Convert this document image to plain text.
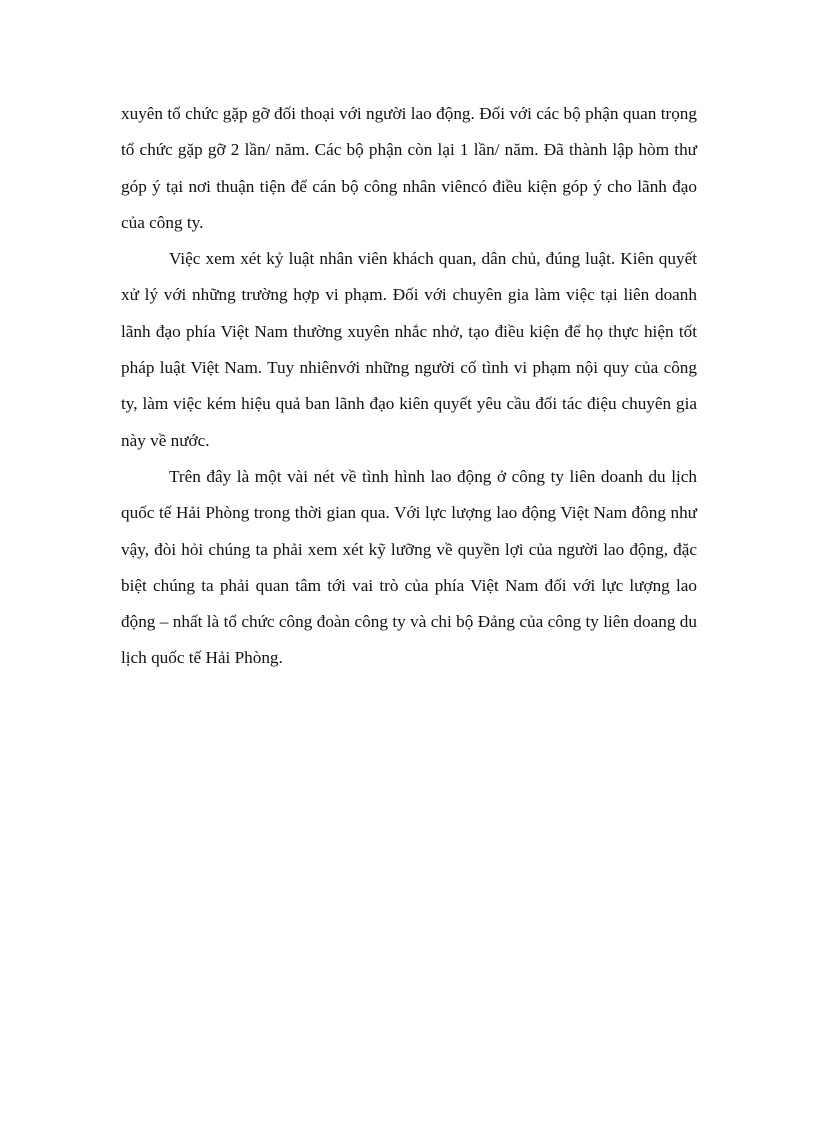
xuyên tổ chức gặp gỡ đối thoại với người lao động. Đối với các bộ phận quan trọng tổ chức gặp gỡ 2 lần/ năm. Các bộ phận còn lại 1 lần/ năm. Đã thành lập hòm thư góp ý tại nơi thuận tiện để cán bộ công nhân viêncó điều kiện góp ý cho lãnh đạo của công ty.

Việc xem xét kỷ luật nhân viên khách quan, dân chủ, đúng luật. Kiên quyết xử lý với những trường hợp vi phạm. Đối với chuyên gia làm việc tại liên doanh lãnh đạo phía Việt Nam thường xuyên nhắc nhở, tạo điều kiện để họ thực hiện tốt pháp luật Việt Nam. Tuy nhiênvới những người cố tình vi phạm nội quy của công ty, làm việc kém hiệu quả ban lãnh đạo kiên quyết yêu cầu đối tác điệu chuyên gia này về nước.

Trên đây là một vài nét về tình hình lao động ở công ty liên doanh du lịch quốc tế Hải Phòng trong thời gian qua. Với lực lượng lao động Việt Nam đông như vậy, đòi hỏi chúng ta phải xem xét kỹ lưỡng về quyền lợi của người lao động, đặc biệt chúng ta phải quan tâm tới vai trò của phía Việt Nam đối với lực lượng lao động – nhất là tổ chức công đoàn công ty và chi bộ Đảng của công ty liên doang du lịch quốc tế Hải Phòng.
